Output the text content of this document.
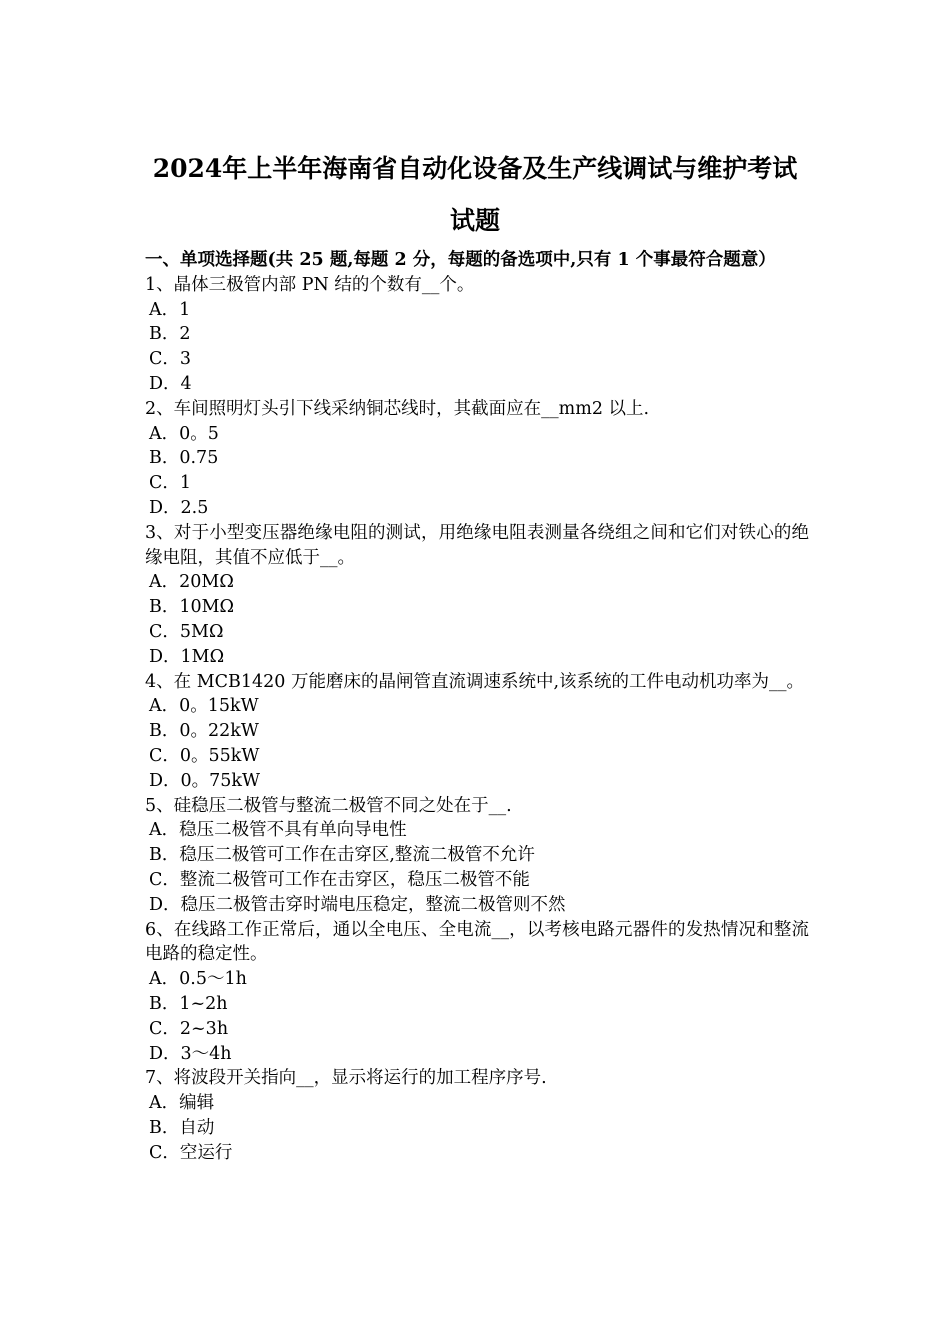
2024年上半年海南省自动化设备及生产线调试与维护考试
试题
一、单项选择题(共 25 题,每题 2 分，每题的备选项中,只有 1 个事最符合题意）
1、晶体三极管内部 PN 结的个数有__个。
A．1
B．2
C．3
D．4
2、车间照明灯头引下线采纳铜芯线时，其截面应在__mm2 以上.
A．0。5
B．0.75
C．1
D．2.5
3、对于小型变压器绝缘电阻的测试，用绝缘电阻表测量各绕组之间和它们对铁心的绝缘电阻，其值不应低于__。
A．20MΩ
B．10MΩ
C．5MΩ
D．1MΩ
4、在 MCB1420 万能磨床的晶闸管直流调速系统中,该系统的工件电动机功率为__。
A．0。15kW
B．0。22kW
C．0。55kW
D．0。75kW
5、硅稳压二极管与整流二极管不同之处在于__.
A．稳压二极管不具有单向导电性
B．稳压二极管可工作在击穿区,整流二极管不允许
C．整流二极管可工作在击穿区，稳压二极管不能
D．稳压二极管击穿时端电压稳定，整流二极管则不然
6、在线路工作正常后，通以全电压、全电流__，以考核电路元器件的发热情况和整流电路的稳定性。
A．0.5～1h
B．1~2h
C．2~3h
D．3～4h
7、将波段开关指向__，显示将运行的加工程序序号.
A．编辑
B．自动
C．空运行
